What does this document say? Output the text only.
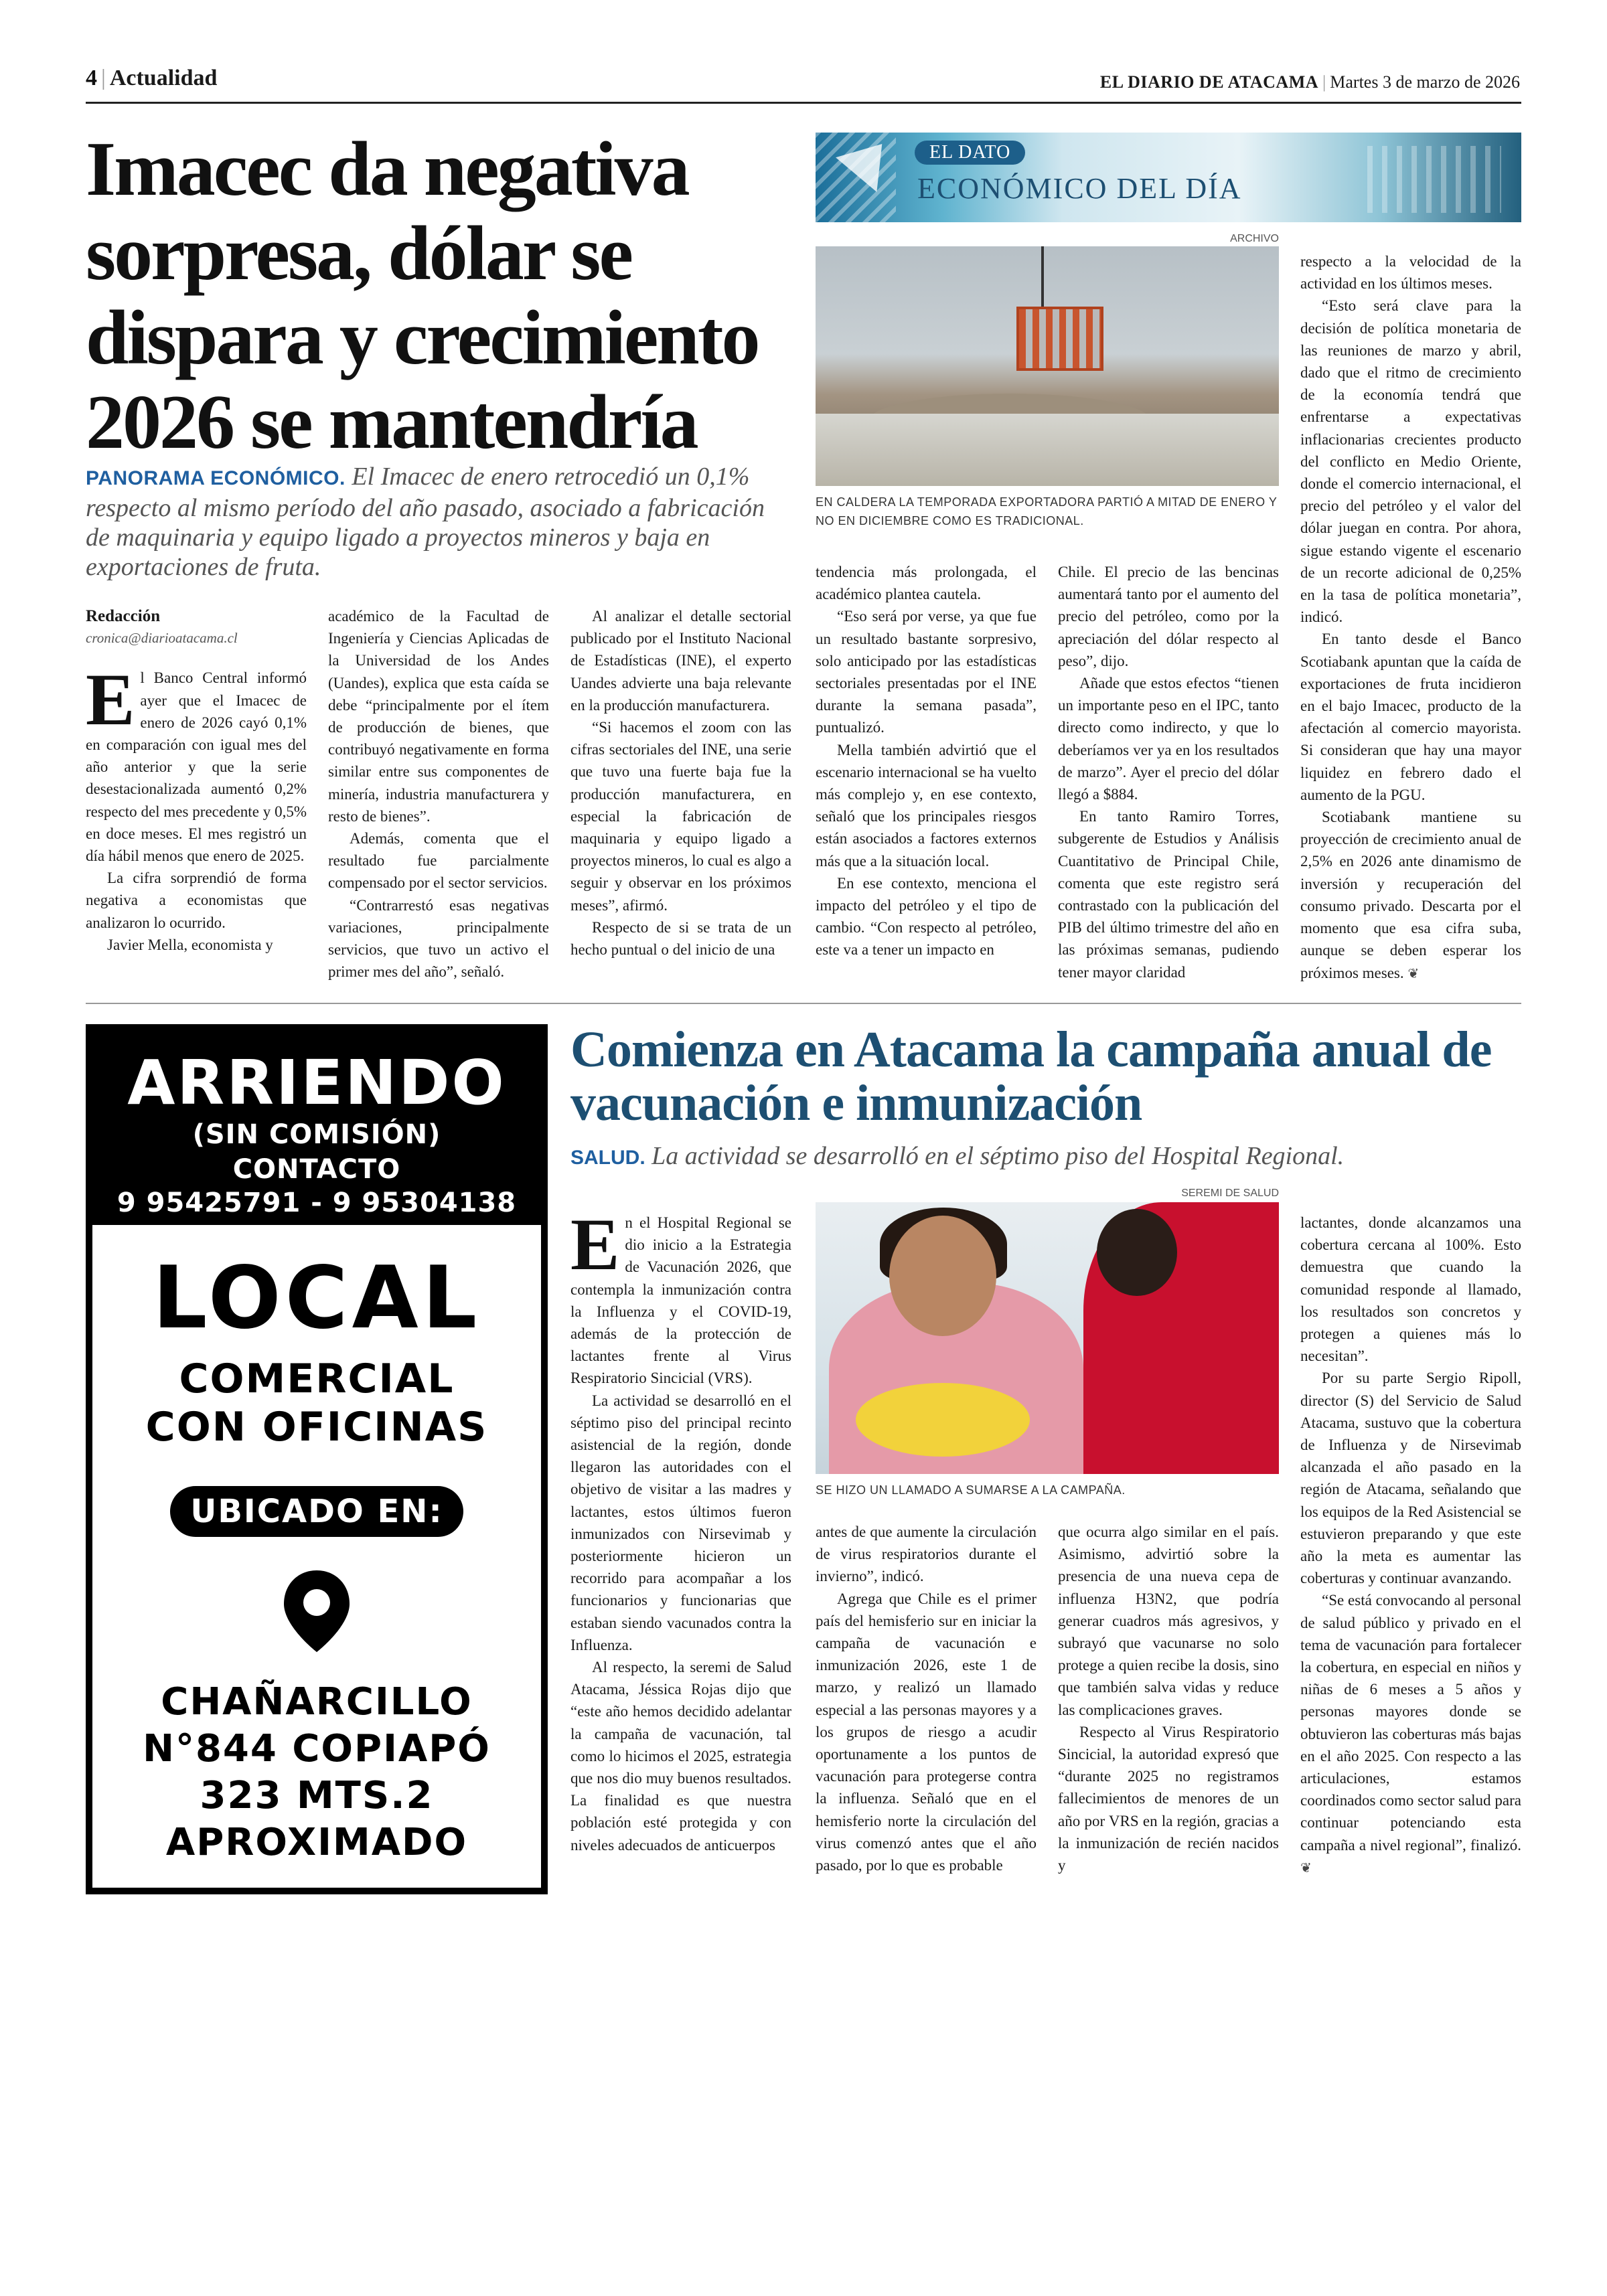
4 | Actualidad	EL DIARIO DE ATACAMA | Martes 3 de marzo de 2026
Imacec da negativa sorpresa, dólar se dispara y crecimiento 2026 se mantendría
PANORAMA ECONÓMICO. El Imacec de enero retrocedió un 0,1% respecto al mismo período del año pasado, asociado a fabricación de maquinaria y equipo ligado a proyectos mineros y baja en exportaciones de fruta.
EL DATO
ECONÓMICO DEL DÍA
ARCHIVO
EN CALDERA LA TEMPORADA EXPORTADORA PARTIÓ A MITAD DE ENERO Y NO EN DICIEMBRE COMO ES TRADICIONAL.
Redacción
cronica@diarioatacama.cl

El Banco Central informó ayer que el Imacec de enero de 2026 cayó 0,1% en comparación con igual mes del año anterior y que la serie desestacionalizada aumentó 0,2% respecto del mes precedente y 0,5% en doce meses. El mes registró un día hábil menos que enero de 2025.

La cifra sorprendió de forma negativa a economistas que analizaron lo ocurrido.

Javier Mella, economista y

académico de la Facultad de Ingeniería y Ciencias Aplicadas de la Universidad de los Andes (Uandes), explica que esta caída se debe “principalmente por el ítem de producción de bienes, que contribuyó negativamente en forma similar entre sus componentes de minería, industria manufacturera y resto de bienes”.

Además, comenta que el resultado fue parcialmente compensado por el sector servicios.

“Contrarrestó esas negativas variaciones, principalmente servicios, que tuvo un activo el primer mes del año”, señaló.

Al analizar el detalle sectorial publicado por el Instituto Nacional de Estadísticas (INE), el experto Uandes advierte una baja relevante en la producción manufacturera.

“Si hacemos el zoom con las cifras sectoriales del INE, una serie que tuvo una fuerte baja fue la producción manufacturera, en especial la fabricación de maquinaria y equipo ligado a proyectos mineros, lo cual es algo a seguir y observar en los próximos meses”, afirmó.

Respecto de si se trata de un hecho puntual o del inicio de una

tendencia más prolongada, el académico plantea cautela.

“Eso será por verse, ya que fue un resultado bastante sorpresivo, solo anticipado por las estadísticas sectoriales presentadas por el INE durante la semana pasada”, puntualizó.

Mella también advirtió que el escenario internacional se ha vuelto más complejo y, en ese contexto, señaló que los principales riesgos están asociados a factores externos más que a la situación local.

En ese contexto, menciona el impacto del petróleo y el tipo de cambio. “Con respecto al petróleo, este va a tener un impacto en

Chile. El precio de las bencinas aumentará tanto por el aumento del precio del petróleo, como por la apreciación del dólar respecto al peso”, dijo.

Añade que estos efectos “tienen un importante peso en el IPC, tanto directo como indirecto, y que lo deberíamos ver ya en los resultados de marzo”. Ayer el precio del dólar llegó a $884.

En tanto Ramiro Torres, subgerente de Estudios y Análisis Cuantitativo de Principal Chile, comenta que este registro será contrastado con la publicación del PIB del último trimestre del año en las próximas semanas, pudiendo tener mayor claridad

respecto a la velocidad de la actividad en los últimos meses.

“Esto será clave para la decisión de política monetaria de las reuniones de marzo y abril, dado que el ritmo de crecimiento de la economía tendrá que enfrentarse a expectativas inflacionarias crecientes producto del conflicto en Medio Oriente, donde el comercio internacional, el precio del petróleo y el valor del dólar juegan en contra. Por ahora, sigue estando vigente el escenario de un recorte adicional de 0,25% en la tasa de política monetaria”, indicó.

En tanto desde el Banco Scotiabank apuntan que la caída de exportaciones de fruta incidieron en el bajo Imacec, producto de la afectación al comercio mayorista. Si consideran que hay una mayor liquidez en febrero dado el aumento de la PGU.

Scotiabank mantiene su proyección de crecimiento anual de 2,5% en 2026 ante dinamismo de inversión y recuperación del consumo privado. Descarta por el momento que esa cifra suba, aunque se deben esperar los próximos meses. ❦

ARRIENDO
(SIN COMISIÓN)
CONTACTO
9 95425791 - 9 95304138
LOCAL
COMERCIAL
CON OFICINAS
UBICADO EN:
CHAÑARCILLO
N°844 COPIAPÓ
323 MTS.2
APROXIMADO
Comienza en Atacama la campaña anual de vacunación e inmunización
SALUD. La actividad se desarrolló en el séptimo piso del Hospital Regional.
SEREMI DE SALUD
SE HIZO UN LLAMADO A SUMARSE A LA CAMPAÑA.

En el Hospital Regional se dio inicio a la Estrategia de Vacunación 2026, que contempla la inmunización contra la Influenza y el COVID-19, además de la protección de lactantes frente al Virus Respiratorio Sincicial (VRS).

La actividad se desarrolló en el séptimo piso del principal recinto asistencial de la región, donde llegaron las autoridades con el objetivo de visitar a las madres y lactantes, estos últimos fueron inmunizados con Nirsevimab y posteriormente hicieron un recorrido para acompañar a los funcionarios y funcionarias que estaban siendo vacunados contra la Influenza.

Al respecto, la seremi de Salud Atacama, Jéssica Rojas dijo que “este año hemos decidido adelantar la campaña de vacunación, tal como lo hicimos el 2025, estrategia que nos dio muy buenos resultados. La finalidad es que nuestra población esté protegida y con niveles adecuados de anticuerpos

antes de que aumente la circulación de virus respiratorios durante el invierno”, indicó.

Agrega que Chile es el primer país del hemisferio sur en iniciar la campaña de vacunación e inmunización 2026, este 1 de marzo, y realizó un llamado especial a las personas mayores y a los grupos de riesgo a acudir oportunamente a los puntos de vacunación para protegerse contra la influenza. Señaló que en el hemisferio norte la circulación del virus comenzó antes que el año pasado, por lo que es probable

que ocurra algo similar en el país. Asimismo, advirtió sobre la presencia de una nueva cepa de influenza H3N2, que podría generar cuadros más agresivos, y subrayó que vacunarse no solo protege a quien recibe la dosis, sino que también salva vidas y reduce las complicaciones graves.

Respecto al Virus Respiratorio Sincicial, la autoridad expresó que “durante 2025 no registramos fallecimientos de menores de un año por VRS en la región, gracias a la inmunización de recién nacidos y

lactantes, donde alcanzamos una cobertura cercana al 100%. Esto demuestra que cuando la comunidad responde al llamado, los resultados son concretos y protegen a quienes más lo necesitan”.

Por su parte Sergio Ripoll, director (S) del Servicio de Salud Atacama, sustuvo que la cobertura de Influenza y de Nirsevimab alcanzada el año pasado en la región de Atacama, señalando que los equipos de la Red Asistencial se estuvieron preparando y que este año la meta es aumentar las coberturas y continuar avanzando.

“Se está convocando al personal de salud público y privado en el tema de vacunación para fortalecer la cobertura, en especial en niños y niñas de 6 meses a 5 años y personas mayores donde se obtuvieron las coberturas más bajas en el año 2025. Con respecto a las articulaciones, estamos coordinados como sector salud para continuar potenciando esta campaña a nivel regional”, finalizó. ❦
